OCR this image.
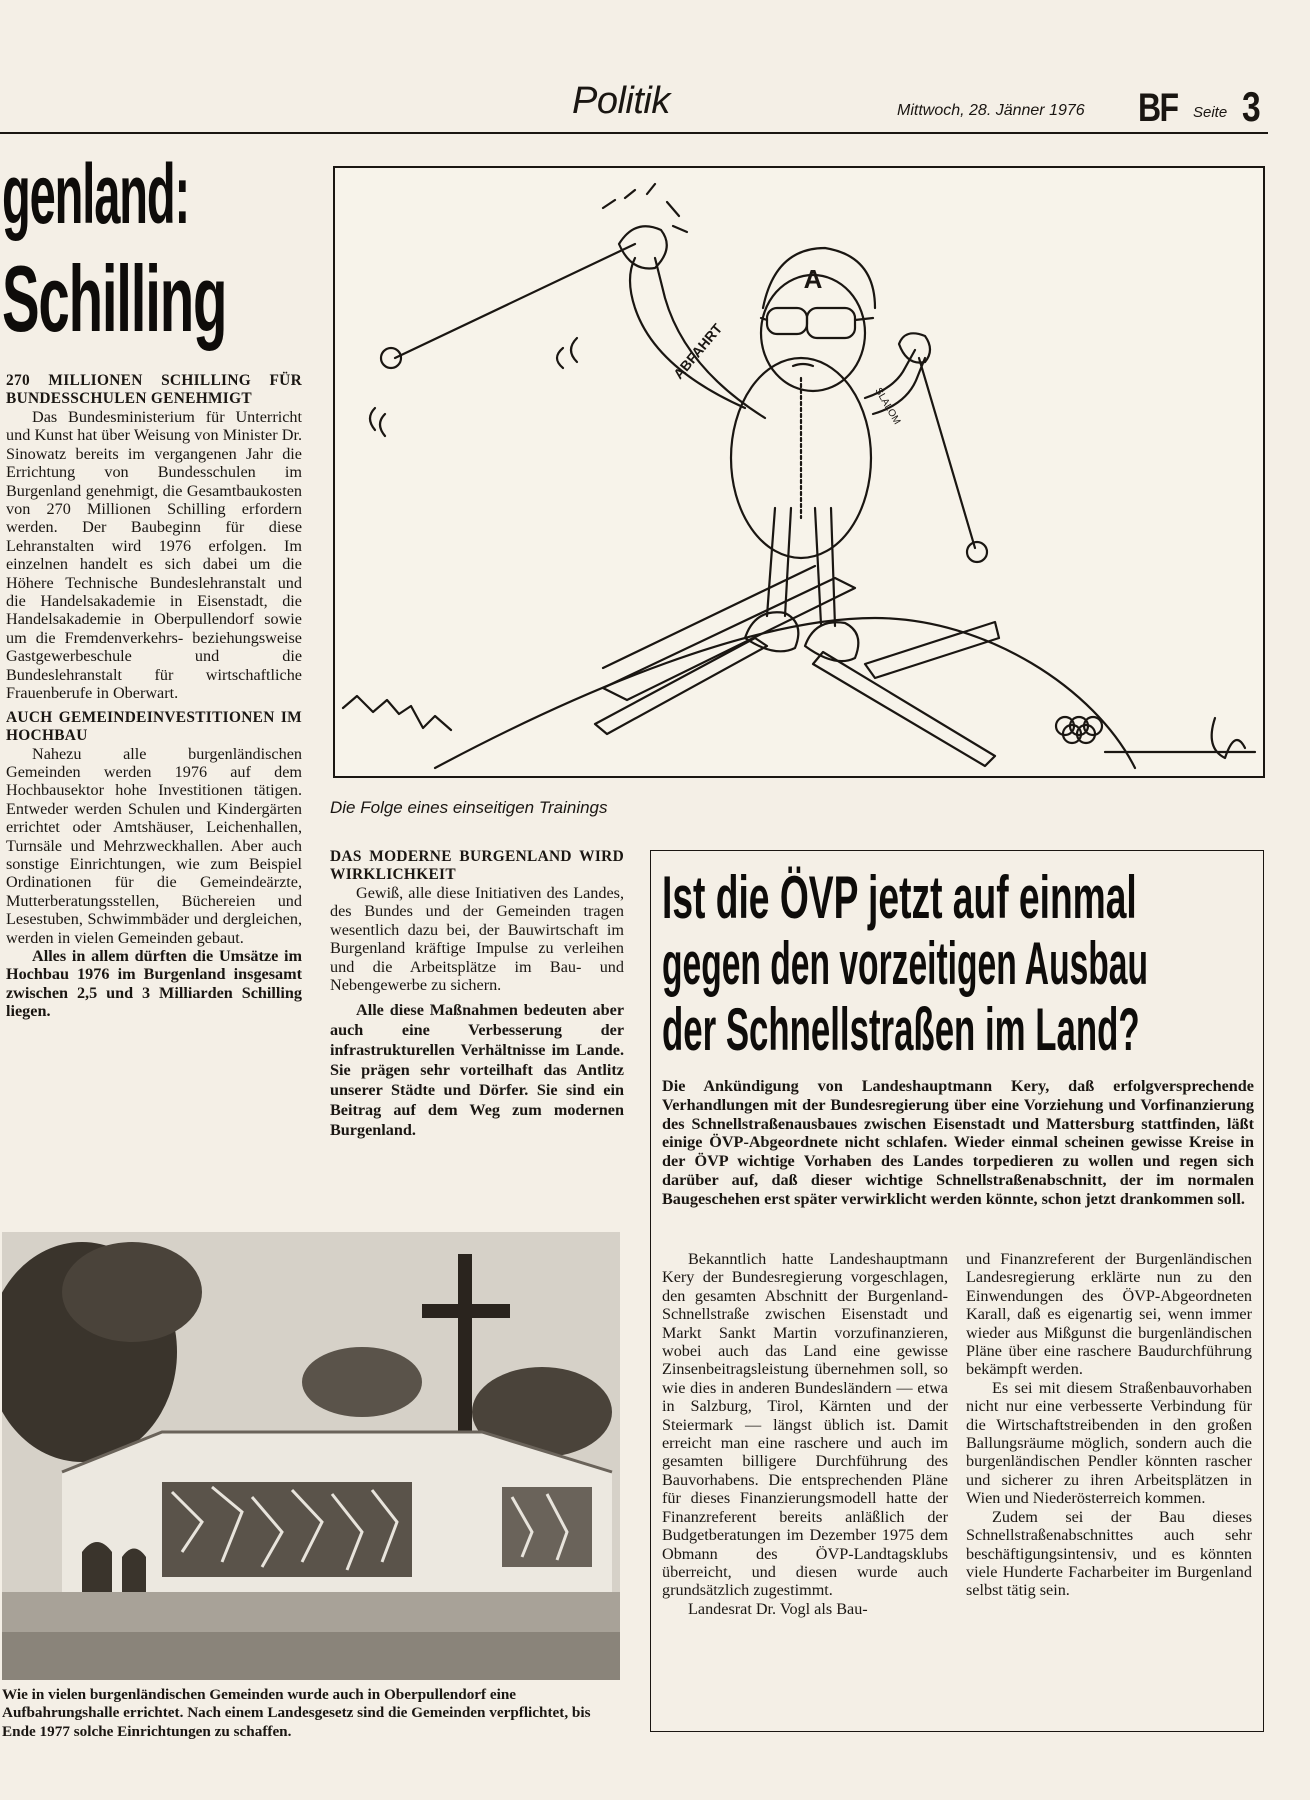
Politik	Mittwoch, 28. Jänner 1976 BF Seite 3
genland:
Schilling

270 MILLIONEN SCHILLING FÜR BUNDESSCHULEN GENEHMIGT

Das Bundesministerium für Unterricht und Kunst hat über Weisung von Minister Dr. Sinowatz bereits im vergangenen Jahr die Errichtung von Bundesschulen im Burgenland genehmigt, die Gesamtbaukosten von 270 Millionen Schilling erfordern werden. Der Baubeginn für diese Lehranstalten wird 1976 erfolgen. Im einzelnen handelt es sich dabei um die Höhere Technische Bundeslehranstalt und die Handelsakademie in Eisenstadt, die Handelsakademie in Oberpullendorf sowie um die Fremdenverkehrs- beziehungsweise Gastgewerbeschule und die Bundeslehranstalt für wirtschaftliche Frauenberufe in Oberwart.

AUCH GEMEINDEINVESTITIONEN IM HOCHBAU

Nahezu alle burgenländischen Gemeinden werden 1976 auf dem Hochbausektor hohe Investitionen tätigen. Entweder werden Schulen und Kindergärten errichtet oder Amtshäuser, Leichenhallen, Turnsäle und Mehrzweckhallen. Aber auch sonstige Einrichtungen, wie zum Beispiel Ordinationen für die Gemeindeärzte, Mutterberatungsstellen, Büchereien und Lesestuben, Schwimmbäder und dergleichen, werden in vielen Gemeinden gebaut.

Alles in allem dürften die Umsätze im Hochbau 1976 im Burgenland insgesamt zwischen 2,5 und 3 Milliarden Schilling liegen.

DAS MODERNE BURGENLAND WIRD WIRKLICHKEIT

Gewiß, alle diese Initiativen des Landes, des Bundes und der Gemeinden tragen wesentlich dazu bei, der Bauwirtschaft im Burgenland kräftige Impulse zu verleihen und die Arbeitsplätze im Bau- und Nebengewerbe zu sichern.

Alle diese Maßnahmen bedeuten aber auch eine Verbesserung der infrastrukturellen Verhältnisse im Lande. Sie prägen sehr vorteilhaft das Antlitz unserer Städte und Dörfer. Sie sind ein Beitrag auf dem Weg zum modernen Burgenland.

A
ABFAHRT
SLALOM
Die Folge eines einseitigen Trainings
Wie in vielen burgenländischen Gemeinden wurde auch in Oberpullendorf eine Aufbahrungshalle errichtet. Nach einem Landesgesetz sind die Gemeinden verpflichtet, bis Ende 1977 solche Einrichtungen zu schaffen.
Ist die ÖVP jetzt auf einmal
gegen den vorzeitigen Ausbau
der Schnellstraßen im Land?
Die Ankündigung von Landeshauptmann Kery, daß erfolgversprechende Verhandlungen mit der Bundesregierung über eine Vorziehung und Vorfinanzierung des Schnellstraßenausbaues zwischen Eisenstadt und Mattersburg stattfinden, läßt einige ÖVP-Abgeordnete nicht schlafen. Wieder einmal scheinen gewisse Kreise in der ÖVP wichtige Vorhaben des Landes torpedieren zu wollen und regen sich darüber auf, daß dieser wichtige Schnellstraßenabschnitt, der im normalen Baugeschehen erst später verwirklicht werden könnte, schon jetzt drankommen soll.

Bekanntlich hatte Landeshauptmann Kery der Bundesregierung vorgeschlagen, den gesamten Abschnitt der Burgenland-Schnellstraße zwischen Eisenstadt und Markt Sankt Martin vorzufinanzieren, wobei auch das Land eine gewisse Zinsenbeitragsleistung übernehmen soll, so wie dies in anderen Bundesländern — etwa in Salzburg, Tirol, Kärnten und der Steiermark — längst üblich ist. Damit erreicht man eine raschere und auch im gesamten billigere Durchführung des Bauvorhabens. Die entsprechenden Pläne für dieses Finanzierungsmodell hatte der Finanzreferent bereits anläßlich der Budgetberatungen im Dezember 1975 dem Obmann des ÖVP-Landtagsklubs überreicht, und diesen wurde auch grundsätzlich zugestimmt.

Landesrat Dr. Vogl als Bau-

und Finanzreferent der Burgenländischen Landesregierung erklärte nun zu den Einwendungen des ÖVP-Abgeordneten Karall, daß es eigenartig sei, wenn immer wieder aus Mißgunst die burgenländischen Pläne über eine raschere Baudurchführung bekämpft werden.

Es sei mit diesem Straßenbauvorhaben nicht nur eine verbesserte Verbindung für die Wirtschaftstreibenden in den großen Ballungsräume möglich, sondern auch die burgenländischen Pendler könnten rascher und sicherer zu ihren Arbeitsplätzen in Wien und Niederösterreich kommen.

Zudem sei der Bau dieses Schnellstraßenabschnittes auch sehr beschäftigungsintensiv, und es könnten viele Hunderte Facharbeiter im Burgenland selbst tätig sein.
